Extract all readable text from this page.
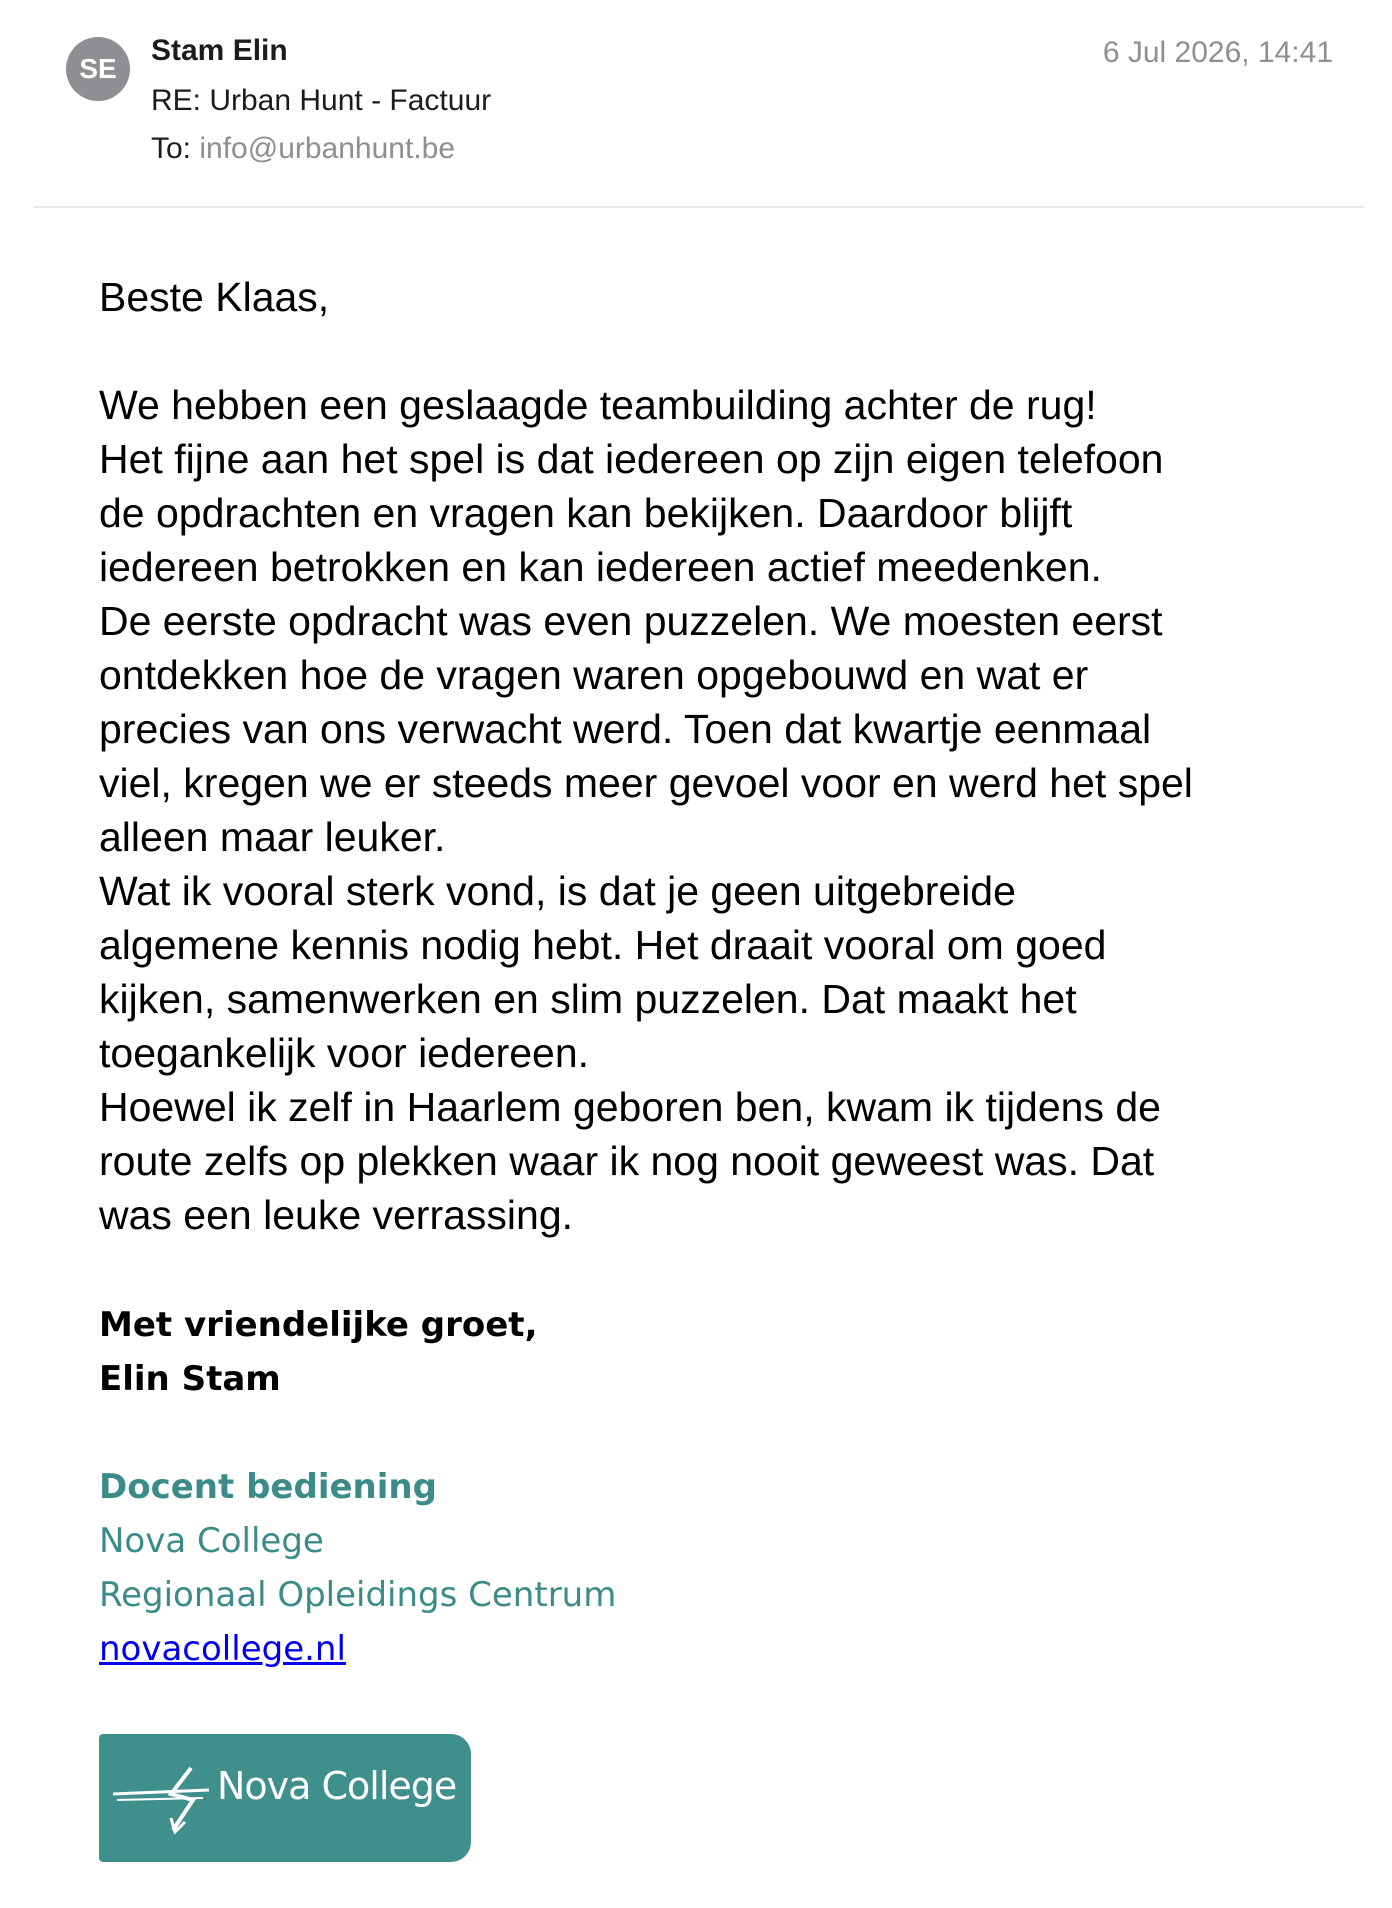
SE
Stam Elin
RE: Urban Hunt - Factuur
To: info@urbanhunt.be
6 Jul 2026, 14:41

Beste Klaas,

We hebben een geslaagde teambuilding achter de rug!

Het fijne aan het spel is dat iedereen op zijn eigen telefoon

de opdrachten en vragen kan bekijken. Daardoor blijft

iedereen betrokken en kan iedereen actief meedenken.

De eerste opdracht was even puzzelen. We moesten eerst

ontdekken hoe de vragen waren opgebouwd en wat er

precies van ons verwacht werd. Toen dat kwartje eenmaal

viel, kregen we er steeds meer gevoel voor en werd het spel

alleen maar leuker.

Wat ik vooral sterk vond, is dat je geen uitgebreide

algemene kennis nodig hebt. Het draait vooral om goed

kijken, samenwerken en slim puzzelen. Dat maakt het

toegankelijk voor iedereen.

Hoewel ik zelf in Haarlem geboren ben, kwam ik tijdens de

route zelfs op plekken waar ik nog nooit geweest was. Dat

was een leuke verrassing.

Met vriendelijke groet,
Elin Stam
Docent bediening
Nova College
Regionaal Opleidings Centrum
novacollege.nl
Nova College
